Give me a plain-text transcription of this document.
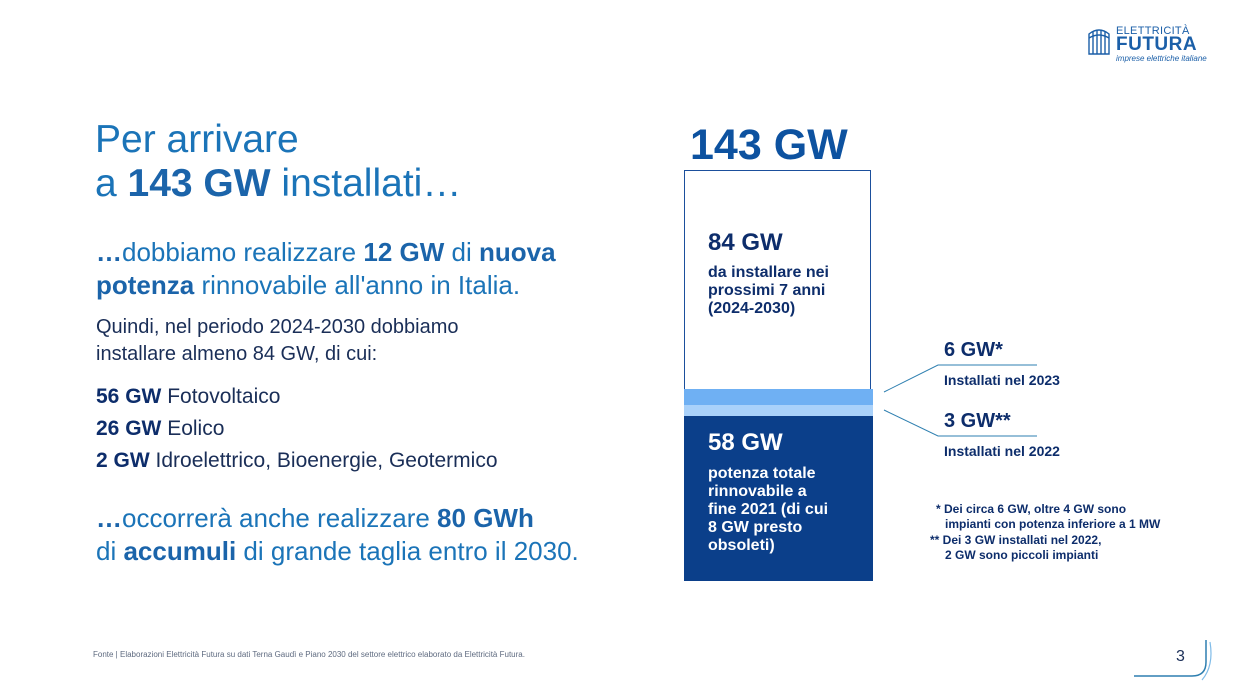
ELETTRICITÀ
FUTURA
imprese elettriche italiane
Per arrivare
a 143 GW installati…
…dobbiamo realizzare 12 GW di nuova
potenza rinnovabile all'anno in Italia.
Quindi, nel periodo 2024-2030 dobbiamo
installare almeno 84 GW, di cui:
56 GW Fotovoltaico
26 GW Eolico
2 GW Idroelettrico, Bioenergie, Geotermico
…occorrerà anche realizzare 80 GWh
di accumuli di grande taglia entro il 2030.
143 GW
84 GW
da installare nei
prossimi 7 anni
(2024-2030)
58 GW
potenza totale
rinnovabile a
fine 2021 (di cui
8 GW presto
obsoleti)
6 GW*
Installati nel 2023
3 GW**
Installati nel 2022
* Dei circa 6 GW, oltre 4 GW sono
impianti con potenza inferiore a 1 MW
** Dei 3 GW installati nel 2022,
2 GW sono piccoli impianti
Fonte | Elaborazioni Elettricità Futura su dati Terna Gaudì e Piano 2030 del settore elettrico elaborato da Elettricità Futura.	3
